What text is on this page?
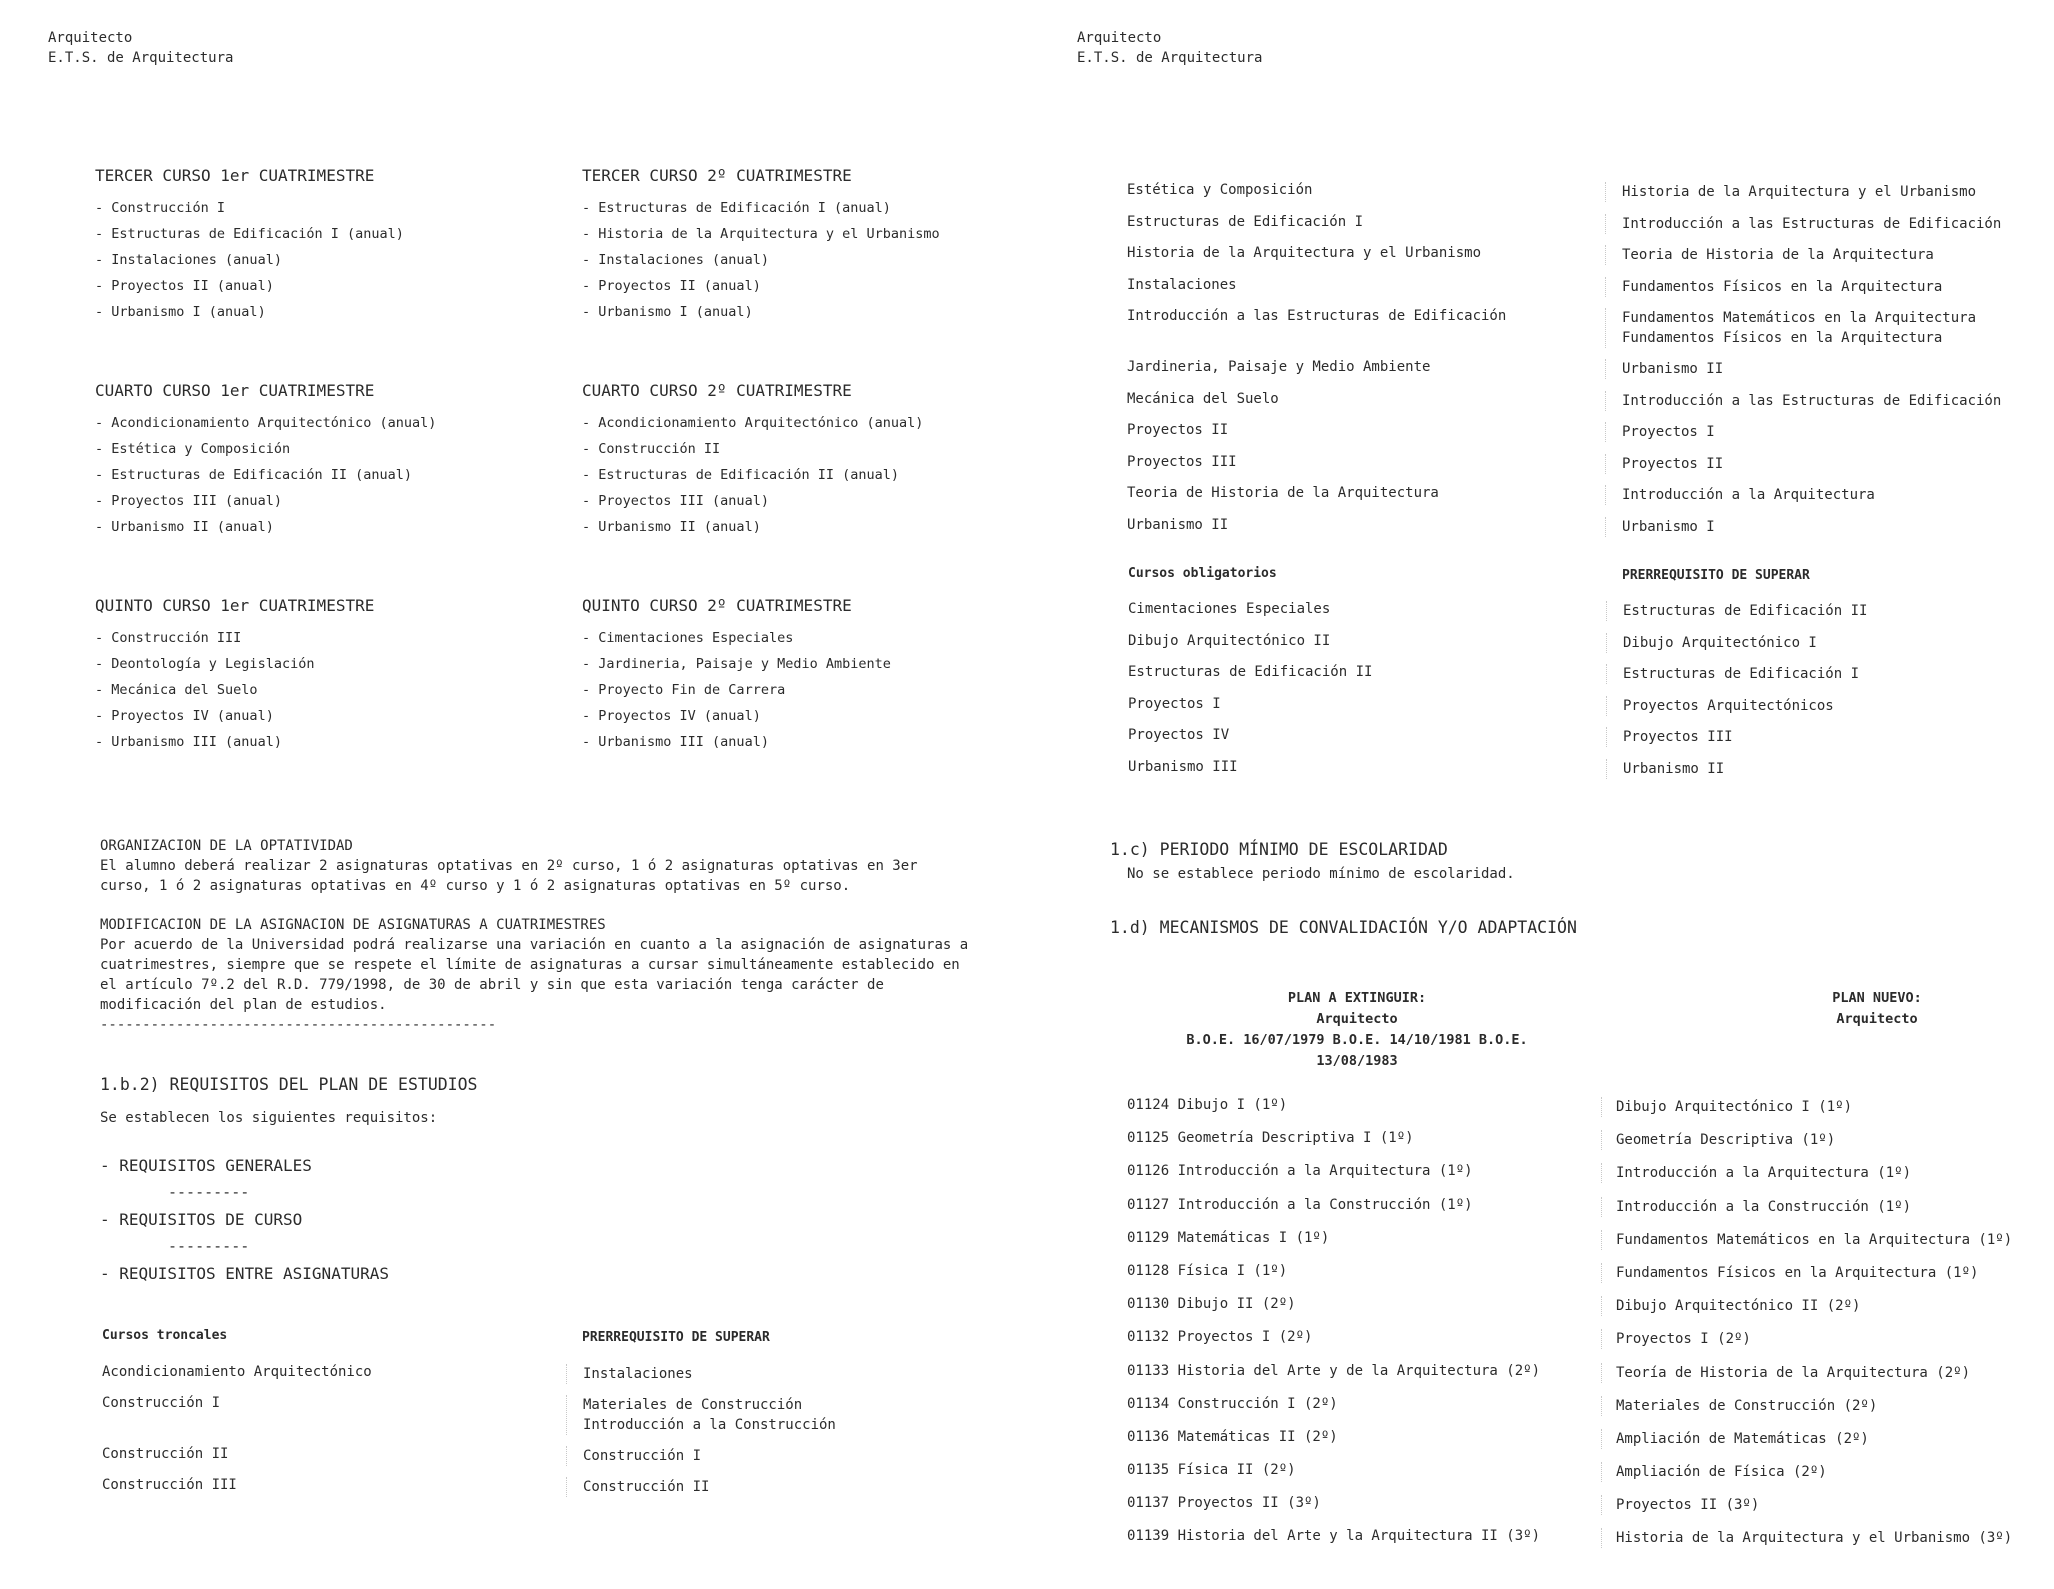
Arquitecto
E.T.S. de Arquitectura
TERCER CURSO 1er CUATRIMESTRE
- Construcción I
- Estructuras de Edificación I (anual)
- Instalaciones (anual)
- Proyectos II (anual)
- Urbanismo I (anual)
TERCER CURSO 2º CUATRIMESTRE
- Estructuras de Edificación I (anual)
- Historia de la Arquitectura y el Urbanismo
- Instalaciones (anual)
- Proyectos II (anual)
- Urbanismo I (anual)
CUARTO CURSO 1er CUATRIMESTRE
- Acondicionamiento Arquitectónico (anual)
- Estética y Composición
- Estructuras de Edificación II (anual)
- Proyectos III (anual)
- Urbanismo II (anual)
CUARTO CURSO 2º CUATRIMESTRE
- Acondicionamiento Arquitectónico (anual)
- Construcción II
- Estructuras de Edificación II (anual)
- Proyectos III (anual)
- Urbanismo II (anual)
QUINTO CURSO 1er CUATRIMESTRE
- Construcción III
- Deontología y Legislación
- Mecánica del Suelo
- Proyectos IV (anual)
- Urbanismo III (anual)
QUINTO CURSO 2º CUATRIMESTRE
- Cimentaciones Especiales
- Jardineria, Paisaje y Medio Ambiente
- Proyecto Fin de Carrera
- Proyectos IV (anual)
- Urbanismo III (anual)

ORGANIZACION DE LA OPTATIVIDAD

El alumno deberá realizar 2 asignaturas optativas en 2º curso, 1 ó 2 asignaturas optativas en 3er

curso, 1 ó 2 asignaturas optativas en 4º curso y 1 ó 2 asignaturas optativas en 5º curso.

MODIFICACION DE LA ASIGNACION DE ASIGNATURAS A CUATRIMESTRES

Por acuerdo de la Universidad podrá realizarse una variación en cuanto a la asignación de asignaturas a

cuatrimestres, siempre que se respete el límite de asignaturas a cursar simultáneamente establecido en

el artículo 7º.2 del R.D. 779/1998, de 30 de abril y sin que esta variación tenga carácter de

modificación del plan de estudios.

-----------------------------------------------

1.b.2) REQUISITOS DEL PLAN DE ESTUDIOS
Se establecen los siguientes requisitos:
- REQUISITOS GENERALES
---------
- REQUISITOS DE CURSO
---------
- REQUISITOS ENTRE ASIGNATURAS
Cursos troncales	PRERREQUISITO DE SUPERAR
Acondicionamiento Arquitectónico	Instalaciones
Construcción I	Materiales de Construcción
Introducción a la Construcción
Construcción II	Construcción I
Construcción III	Construcción II
Arquitecto
E.T.S. de Arquitectura
Estética y Composición	Historia de la Arquitectura y el Urbanismo
Estructuras de Edificación I	Introducción a las Estructuras de Edificación
Historia de la Arquitectura y el Urbanismo	Teoria de Historia de la Arquitectura
Instalaciones	Fundamentos Físicos en la Arquitectura
Introducción a las Estructuras de Edificación	Fundamentos Matemáticos en la Arquitectura
Fundamentos Físicos en la Arquitectura
Jardineria, Paisaje y Medio Ambiente	Urbanismo II
Mecánica del Suelo	Introducción a las Estructuras de Edificación
Proyectos II	Proyectos I
Proyectos III	Proyectos II
Teoria de Historia de la Arquitectura	Introducción a la Arquitectura
Urbanismo II	Urbanismo I
Cursos obligatorios	PRERREQUISITO DE SUPERAR
Cimentaciones Especiales	Estructuras de Edificación II
Dibujo Arquitectónico II	Dibujo Arquitectónico I
Estructuras de Edificación II	Estructuras de Edificación I
Proyectos I	Proyectos Arquitectónicos
Proyectos IV	Proyectos III
Urbanismo III	Urbanismo II
1.c) PERIODO MÍNIMO DE ESCOLARIDAD
No se establece periodo mínimo de escolaridad.
1.d) MECANISMOS DE CONVALIDACIÓN Y/O ADAPTACIÓN
PLAN A EXTINGUIR:
Arquitecto
B.O.E. 16/07/1979 B.O.E. 14/10/1981 B.O.E.
13/08/1983
PLAN NUEVO:
Arquitecto
01124 Dibujo I (1º)	Dibujo Arquitectónico I (1º)
01125 Geometría Descriptiva I (1º)	Geometría Descriptiva (1º)
01126 Introducción a la Arquitectura (1º)	Introducción a la Arquitectura (1º)
01127 Introducción a la Construcción (1º)	Introducción a la Construcción (1º)
01129 Matemáticas I (1º)	Fundamentos Matemáticos en la Arquitectura (1º)
01128 Física I (1º)	Fundamentos Físicos en la Arquitectura (1º)
01130 Dibujo II (2º)	Dibujo Arquitectónico II (2º)
01132 Proyectos I (2º)	Proyectos I (2º)
01133 Historia del Arte y de la Arquitectura (2º)	Teoría de Historia de la Arquitectura (2º)
01134 Construcción I (2º)	Materiales de Construcción (2º)
01136 Matemáticas II (2º)	Ampliación de Matemáticas (2º)
01135 Física II (2º)	Ampliación de Física (2º)
01137 Proyectos II (3º)	Proyectos II (3º)
01139 Historia del Arte y la Arquitectura II (3º)	Historia de la Arquitectura y el Urbanismo (3º)
